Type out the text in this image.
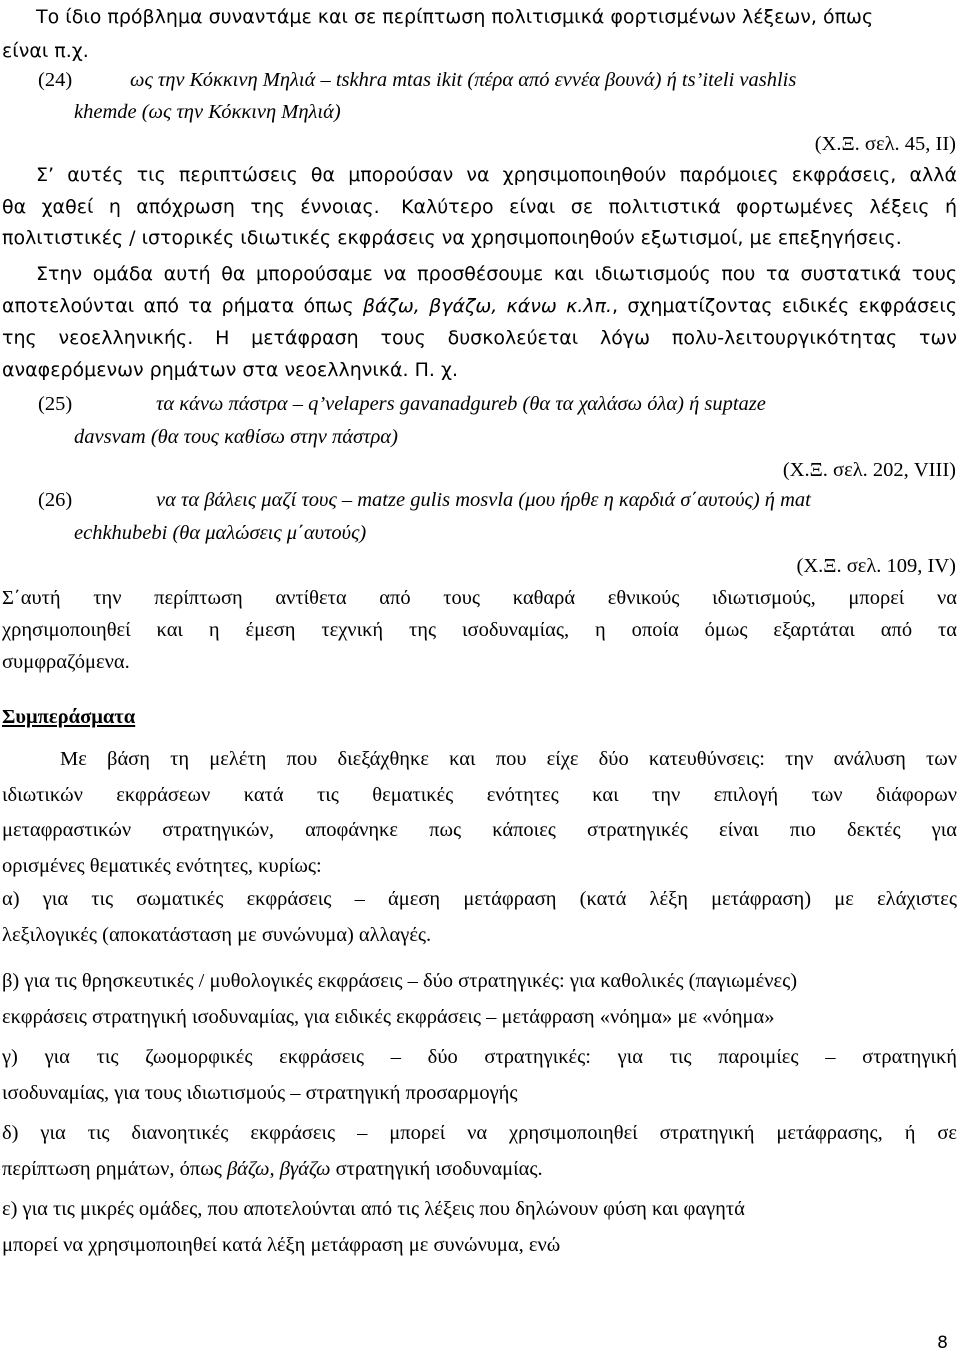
Το ίδιο πρόβλημα συναντάμε και σε περίπτωση πολιτισμικά φορτισμένων λέξεων, όπως

είναι π.χ.

(24)	ως την Κόκκινη Μηλιά – tskhra mtas ikit (πέρα από εννέα βουνά) ή ts’iteli vashlis

khemde (ως την Κόκκινη Μηλιά)

(Χ.Ξ. σελ. 45, ΙΙ)

Σ’ αυτές τις περιπτώσεις θα μπορούσαν να χρησιμοποιηθούν παρόμοιες εκφράσεις, αλλά

θα χαθεί η απόχρωση της έννοιας. Καλύτερο είναι σε πολιτιστικά φορτωμένες λέξεις ή

πολιτιστικές / ιστορικές ιδιωτικές εκφράσεις να χρησιμοποιηθούν εξωτισμοί, με επεξηγήσεις.

Στην ομάδα αυτή θα μπορούσαμε να προσθέσουμε και ιδιωτισμούς που τα συστατικά τους

αποτελούνται από τα ρήματα όπως βάζω, βγάζω, κάνω κ.λπ., σχηματίζοντας ειδικές εκφράσεις

της νεοελληνικής. Η μετάφραση τους δυσκολεύεται λόγω πολυ-λειτουργικότητας των

αναφερόμενων ρημάτων στα νεοελληνικά. Π. χ.

(25)	τα κάνω πάστρα – q’velapers gavanadgureb (θα τα χαλάσω όλα) ή suptaze

davsvam (θα τους καθίσω στην πάστρα)

(Χ.Ξ. σελ. 202, VIII)

(26)	να τα βάλεις μαζί τους – matze gulis mosvla (μου ήρθε η καρδιά σ΄αυτούς) ή mat

echkhubebi (θα μαλώσεις μ΄αυτούς)

(Χ.Ξ. σελ. 109, IV)

Σ΄αυτή την περίπτωση αντίθετα από τους καθαρά εθνικούς ιδιωτισμούς, μπορεί να

χρησιμοποιηθεί και η έμεση τεχνική της ισοδυναμίας, η οποία όμως εξαρτάται από τα

συμφραζόμενα.

Συμπεράσματα

Με βάση τη μελέτη που διεξάχθηκε και που είχε δύο κατευθύνσεις: την ανάλυση των

ιδιωτικών εκφράσεων κατά τις θεματικές ενότητες και την επιλογή των διάφορων

μεταφραστικών στρατηγικών, αποφάνηκε πως κάποιες στρατηγικές είναι πιο δεκτές για

ορισμένες θεματικές ενότητες, κυρίως:

α) για τις σωματικές εκφράσεις – άμεση μετάφραση (κατά λέξη μετάφραση) με ελάχιστες

λεξιλογικές (αποκατάσταση με συνώνυμα) αλλαγές.

β) για τις θρησκευτικές / μυθολογικές εκφράσεις – δύο στρατηγικές: για καθολικές (παγιωμένες)

εκφράσεις στρατηγική ισοδυναμίας, για ειδικές εκφράσεις – μετάφραση «νόημα» με «νόημα»

γ) για τις ζωομορφικές εκφράσεις – δύο στρατηγικές: για τις παροιμίες – στρατηγική

ισοδυναμίας, για τους ιδιωτισμούς – στρατηγική προσαρμογής

δ) για τις διανοητικές εκφράσεις – μπορεί να χρησιμοποιηθεί στρατηγική μετάφρασης, ή σε

περίπτωση ρημάτων, όπως βάζω, βγάζω στρατηγική ισοδυναμίας.

ε) για τις μικρές ομάδες, που αποτελούνται από τις λέξεις που δηλώνουν φύση και φαγητά

μπορεί να χρησιμοποιηθεί κατά λέξη μετάφραση με συνώνυμα, ενώ

8
